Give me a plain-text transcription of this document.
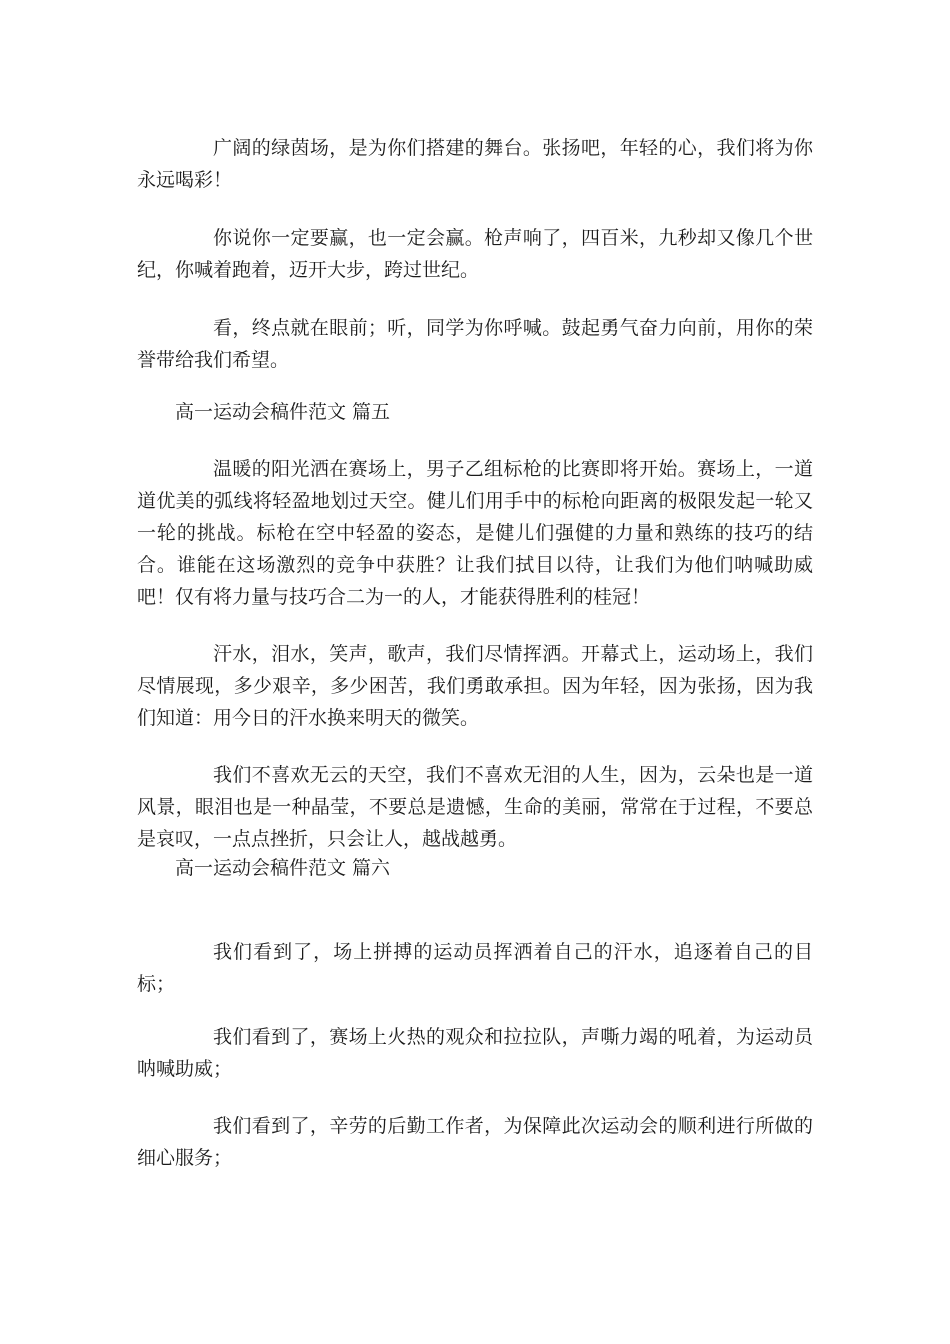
广阔的绿茵场，是为你们搭建的舞台。张扬吧，年轻的心，我们将为你永远喝彩！

你说你一定要赢，也一定会赢。枪声响了，四百米，九秒却又像几个世纪，你喊着跑着，迈开大步，跨过世纪。

看，终点就在眼前；听，同学为你呼喊。鼓起勇气奋力向前，用你的荣誉带给我们希望。

高一运动会稿件范文 篇五

温暖的阳光洒在赛场上，男子乙组标枪的比赛即将开始。赛场上，一道道优美的弧线将轻盈地划过天空。健儿们用手中的标枪向距离的极限发起一轮又一轮的挑战。标枪在空中轻盈的姿态，是健儿们强健的力量和熟练的技巧的结合。谁能在这场激烈的竞争中获胜？让我们拭目以待，让我们为他们呐喊助威吧！仅有将力量与技巧合二为一的人，才能获得胜利的桂冠！

汗水，泪水，笑声，歌声，我们尽情挥洒。开幕式上，运动场上，我们尽情展现，多少艰辛，多少困苦，我们勇敢承担。因为年轻，因为张扬，因为我们知道：用今日的汗水换来明天的微笑。

我们不喜欢无云的天空，我们不喜欢无泪的人生，因为，云朵也是一道风景，眼泪也是一种晶莹，不要总是遗憾，生命的美丽，常常在于过程，不要总是哀叹，一点点挫折，只会让人，越战越勇。

高一运动会稿件范文 篇六

我们看到了，场上拼搏的运动员挥洒着自己的汗水，追逐着自己的目标；

我们看到了，赛场上火热的观众和拉拉队，声嘶力竭的吼着，为运动员呐喊助威；

我们看到了，辛劳的后勤工作者，为保障此次运动会的顺利进行所做的细心服务；
